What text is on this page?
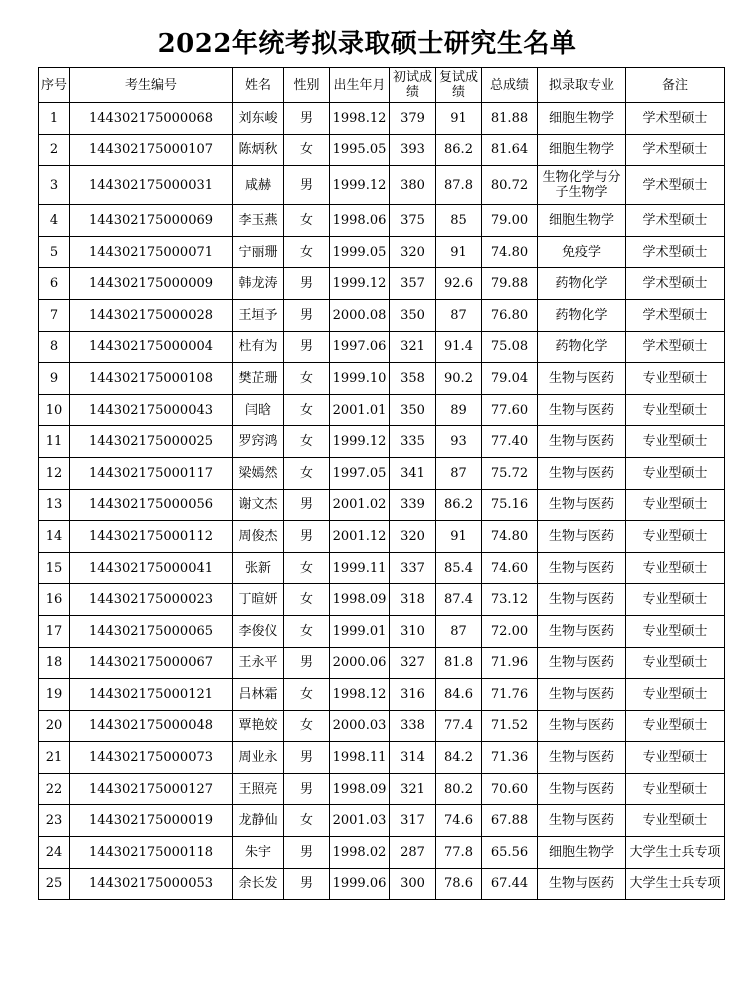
2022年统考拟录取硕士研究生名单
序号	考生编号	姓名	性别	出生年月	初试成绩	复试成绩	总成绩	拟录取专业	备注
1	144302175000068	刘东峻	男	1998.12	379	91	81.88	细胞生物学	学术型硕士
2	144302175000107	陈炳秋	女	1995.05	393	86.2	81.64	细胞生物学	学术型硕士
3	144302175000031	咸赫	男	1999.12	380	87.8	80.72	生物化学与分子生物学	学术型硕士
4	144302175000069	李玉燕	女	1998.06	375	85	79.00	细胞生物学	学术型硕士
5	144302175000071	宁丽珊	女	1999.05	320	91	74.80	免疫学	学术型硕士
6	144302175000009	韩龙涛	男	1999.12	357	92.6	79.88	药物化学	学术型硕士
7	144302175000028	王垣予	男	2000.08	350	87	76.80	药物化学	学术型硕士
8	144302175000004	杜有为	男	1997.06	321	91.4	75.08	药物化学	学术型硕士
9	144302175000108	樊芷珊	女	1999.10	358	90.2	79.04	生物与医药	专业型硕士
10	144302175000043	闫晗	女	2001.01	350	89	77.60	生物与医药	专业型硕士
11	144302175000025	罗窍鸿	女	1999.12	335	93	77.40	生物与医药	专业型硕士
12	144302175000117	梁嫣然	女	1997.05	341	87	75.72	生物与医药	专业型硕士
13	144302175000056	谢文杰	男	2001.02	339	86.2	75.16	生物与医药	专业型硕士
14	144302175000112	周俊杰	男	2001.12	320	91	74.80	生物与医药	专业型硕士
15	144302175000041	张新	女	1999.11	337	85.4	74.60	生物与医药	专业型硕士
16	144302175000023	丁暄妍	女	1998.09	318	87.4	73.12	生物与医药	专业型硕士
17	144302175000065	李俊仪	女	1999.01	310	87	72.00	生物与医药	专业型硕士
18	144302175000067	王永平	男	2000.06	327	81.8	71.96	生物与医药	专业型硕士
19	144302175000121	吕林霜	女	1998.12	316	84.6	71.76	生物与医药	专业型硕士
20	144302175000048	覃艳姣	女	2000.03	338	77.4	71.52	生物与医药	专业型硕士
21	144302175000073	周业永	男	1998.11	314	84.2	71.36	生物与医药	专业型硕士
22	144302175000127	王照亮	男	1998.09	321	80.2	70.60	生物与医药	专业型硕士
23	144302175000019	龙静仙	女	2001.03	317	74.6	67.88	生物与医药	专业型硕士
24	144302175000118	朱宇	男	1998.02	287	77.8	65.56	细胞生物学	大学生士兵专项
25	144302175000053	余长发	男	1999.06	300	78.6	67.44	生物与医药	大学生士兵专项
